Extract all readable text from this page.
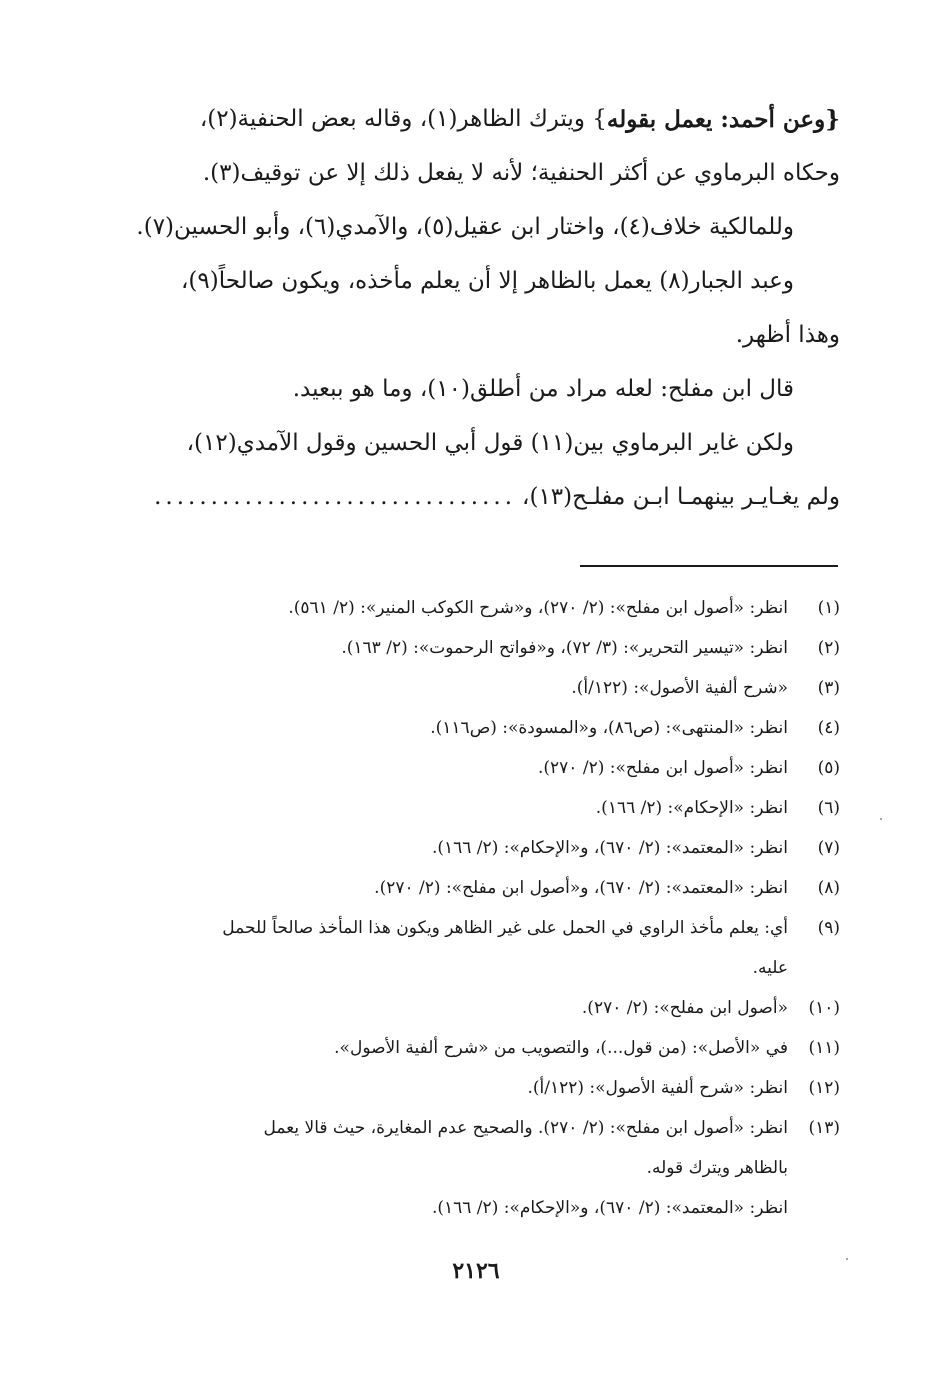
{وعن أحمد:
يعمل بقوله
} ويترك الظاهر(١)، وقاله بعض الحنفية(٢)،
وحكاه البرماوي عن أكثر الحنفية؛ لأنه لا يفعل ذلك إلا عن توقيف(٣).
وللمالكية خلاف(٤)، واختار ابن عقيل(٥)، والآمدي(٦)، وأبو الحسين(٧).
وعبد الجبار(٨) يعمل بالظاهر إلا أن يعلم مأخذه، ويكون صالحاً(٩)،
وهذا أظهر.
قال ابن مفلح: لعله مراد من أطلق(١٠)، وما هو ببعيد.
ولكن غاير البرماوي بين(١١) قول أبي الحسين وقول الآمدي(١٢)،
ولم يغـايـر بينهمـا ابـن مفلـح(١٣)،
................................
(١)
انظر: «أصول ابن مفلح»: (٢/ ٢٧٠)، و«شرح الكوكب المنير»: (٢/ ٥٦١).
(٢)
انظر: «تيسير التحرير»: (٣/ ٧٢)، و«فواتح الرحموت»: (٢/ ١٦٣).
(٣)
«شرح ألفية الأصول»: (١٢٢/أ).
(٤)
انظر: «المنتهى»: (ص٨٦)، و«المسودة»: (ص١١٦).
(٥)
انظر: «أصول ابن مفلح»: (٢/ ٢٧٠).
(٦)
انظر: «الإحكام»: (٢/ ١٦٦).
(٧)
انظر: «المعتمد»: (٢/ ٦٧٠)، و«الإحكام»: (٢/ ١٦٦).
(٨)
انظر: «المعتمد»: (٢/ ٦٧٠)، و«أصول ابن مفلح»: (٢/ ٢٧٠).
(٩)
أي: يعلم مأخذ الراوي في الحمل على غير الظاهر ويكون هذا المأخذ صالحاً للحمل
عليه.
(١٠)
«أصول ابن مفلح»: (٢/ ٢٧٠).
(١١)
في «الأصل»: (من قول...)، والتصويب من «شرح ألفية الأصول».
(١٢)
انظر: «شرح ألفية الأصول»: (١٢٢/أ).
(١٣)
انظر: «أصول ابن مفلح»: (٢/ ٢٧٠). والصحيح عدم المغايرة، حيث قالا يعمل
بالظاهر ويترك قوله.
انظر: «المعتمد»: (٢/ ٦٧٠)، و«الإحكام»: (٢/ ١٦٦).
٢١٢٦
